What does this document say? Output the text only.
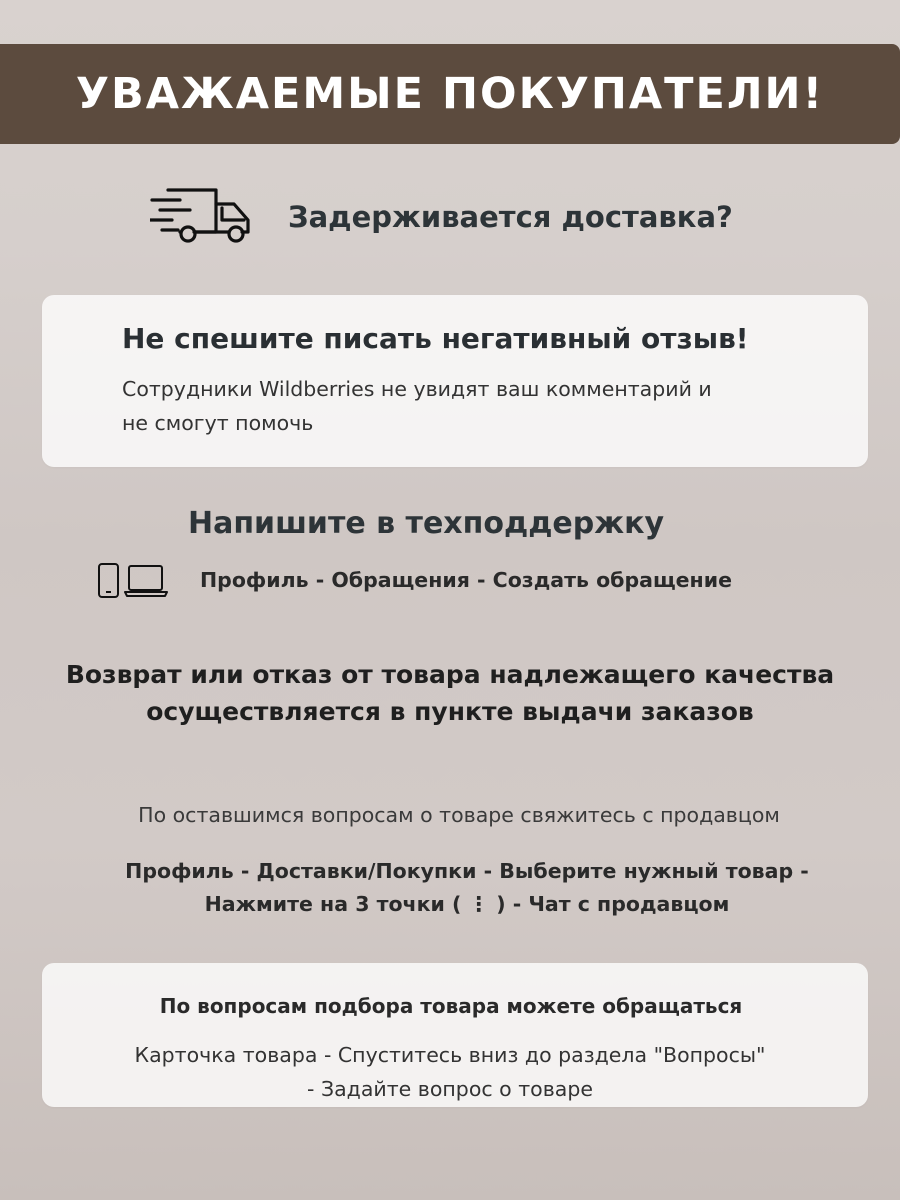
УВАЖАЕМЫЕ ПОКУПАТЕЛИ!
Задерживается доставка?
Не спешите писать негативный отзыв!
Сотрудники Wildberries не увидят ваш комментарий и
не смогут помочь
Напишите в техподдержку
Профиль - Обращения - Создать обращение
Возврат или отказ от товара надлежащего качества
осуществляется в пункте выдачи заказов
По оставшимся вопросам о товаре свяжитесь с продавцом
Профиль - Доставки/Покупки - Выберите нужный товар -
Нажмите на 3 точки ( ⋮ ) - Чат с продавцом
По вопросам подбора товара можете обращаться
Карточка товара - Спуститесь вниз до раздела "Вопросы"
- Задайте вопрос о товаре
